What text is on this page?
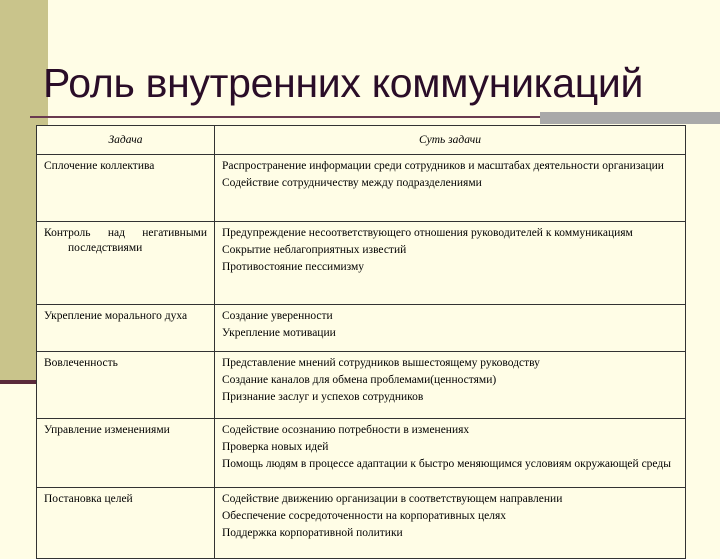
Роль внутренних коммуникаций
Задача	Суть задачи

Сплочение коллектива	Распространение информации среди сотрудников и масштабах деятельности организации
Содействие сотрудничеству между подразделениями

Контроль над негативными последствиями	Предупреждение несоответствующего отношения руководителей к коммуникациям
Сокрытие неблагоприятных известий
Противостояние пессимизму

Укрепление морального духа	Создание уверенности
Укрепление мотивации

Вовлеченность	Представление мнений сотрудников вышестоящему руководству
Создание каналов для обмена проблемами(ценностями)
Признание заслуг и успехов сотрудников

Управление изменениями	Содействие осознанию потребности в изменениях
Проверка новых идей
Помощь людям в процессе адаптации к быстро меняющимся условиям окружающей среды

Постановка целей	Содействие движению организации в соответствующем направлении
Обеспечение сосредоточенности на корпоративных целях
Поддержка корпоративной политики
